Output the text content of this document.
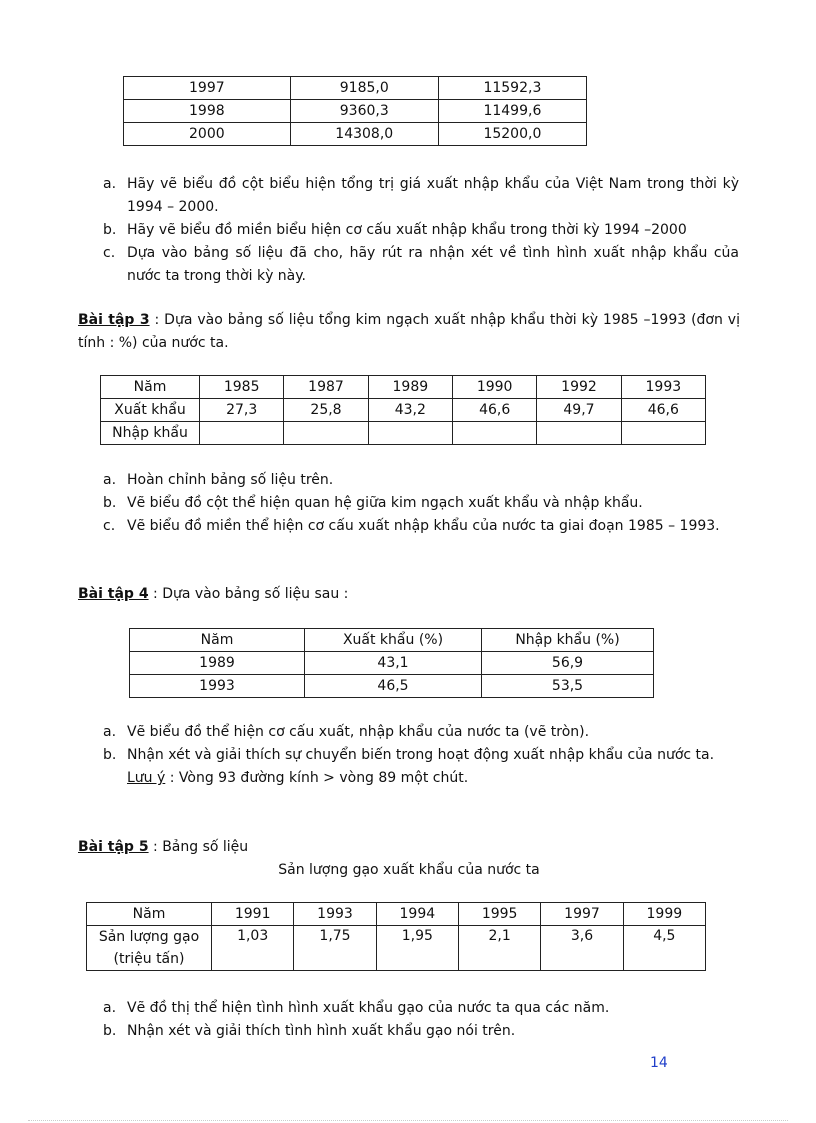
1997	9185,0	11592,3
1998	9360,3	11499,6
2000	14308,0	15200,0
a. Hãy vẽ biểu đồ cột biểu hiện tổng trị giá xuất nhập khẩu của Việt Nam trong thời kỳ 1994 – 2000.
b. Hãy vẽ biểu đồ miền biểu hiện cơ cấu xuất nhập khẩu trong thời kỳ 1994 –2000
c. Dựa vào bảng số liệu đã cho, hãy rút ra nhận xét về tình hình xuất nhập khẩu của nước ta trong thời kỳ này.
Bài tập 3 : Dựa vào bảng số liệu tổng kim ngạch xuất nhập khẩu thời kỳ 1985 –1993 (đơn vị tính : %) của nước ta.
Năm	1985	1987	1989	1990	1992	1993
Xuất khẩu	27,3	25,8	43,2	46,6	49,7	46,6
Nhập khẩu						
a. Hoàn chỉnh bảng số liệu trên.
b. Vẽ biểu đồ cột thể hiện quan hệ giữa kim ngạch xuất khẩu và nhập khẩu.
c. Vẽ biểu đồ miền thể hiện cơ cấu xuất nhập khẩu của nước ta giai đoạn 1985 – 1993.
Bài tập 4 : Dựa vào bảng số liệu sau :
Năm	Xuất khẩu (%)	Nhập khẩu (%)
1989	43,1	56,9
1993	46,5	53,5
a. Vẽ biểu đồ thể hiện cơ cấu xuất, nhập khẩu của nước ta (vẽ tròn).
b. Nhận xét và giải thích sự chuyển biến trong hoạt động xuất nhập khẩu của nước ta.
Lưu ý : Vòng 93 đường kính > vòng 89 một chút.
Bài tập 5 : Bảng số liệu
Sản lượng gạo xuất khẩu của nước ta
Năm	1991	1993	1994	1995	1997	1999

Sản lượng gạo
(triệu tấn)	1,03	1,75	1,95	2,1	3,6	4,5
a. Vẽ đồ thị thể hiện tình hình xuất khẩu gạo của nước ta qua các năm.
b. Nhận xét và giải thích tình hình xuất khẩu gạo nói trên.
14
